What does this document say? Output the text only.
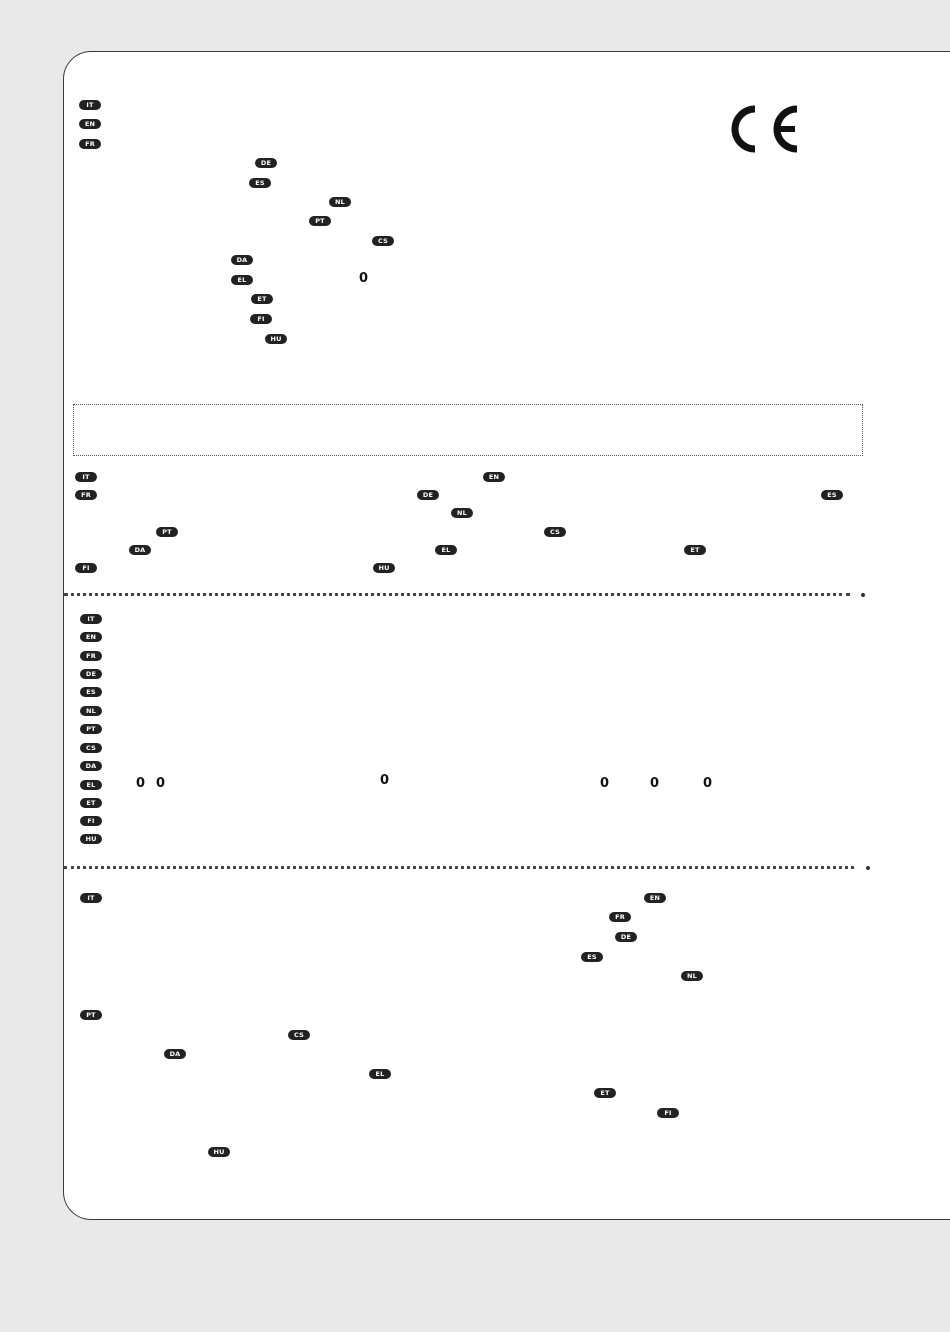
IT
EN
FR
DE
ES
NL
PT
CS
DA
EL	0
ET
FI
HU
IT	EN
FR	DE	ES
NL
PT	CS
DA	EL	ET
FI	HU
IT
EN
FR
DE
ES
NL
PT
CS
DA
EL	0 0	0	0	0	0
ET
FI
HU
IT	EN
FR
DE
ES
NL
PT
CS
DA
EL
ET
FI
HU
